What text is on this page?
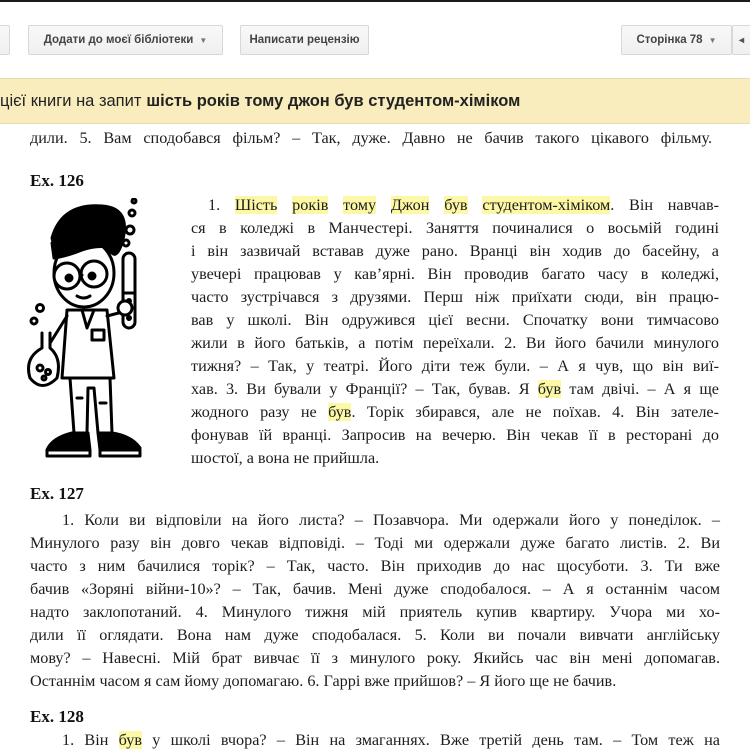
Додати до моєї бібліотеки ▼	Написати рецензію	Сторінка 78 ▼ ◂
цієї книги на запит шість років тому джон був студентом-хіміком
дили. 5. Вам сподобався фільм? – Так, дуже. Давно не бачив такого цікавого фільму.
Ex. 126
1. Шість років тому Джон був студентом-хіміком. Він навчав-
ся в коледжі в Манчестері. Заняття починалися о восьмій годині
і він зазвичай вставав дуже рано. Вранці він ходив до басейну, а
увечері працював у кав’ярні. Він проводив багато часу в коледжі,
часто зустрічався з друзями. Перш ніж приїхати сюди, він працю-
вав у школі. Він одружився цієї весни. Спочатку вони тимчасово
жили в його батьків, а потім переїхали. 2. Ви його бачили минулого
тижня? – Так, у театрі. Його діти теж були. – А я чув, що він виї-
хав. 3. Ви бували у Франції? – Так, бував. Я був там двічі. – А я ще
жодного разу не був. Торік збирався, але не поїхав. 4. Він зателе-
фонував їй вранці. Запросив на вечерю. Він чекав її в ресторані до
шостої, а вона не прийшла.
Ex. 127
1. Коли ви відповіли на його листа? – Позавчора. Ми одержали його у понеділок. –
Минулого разу він довго чекав відповіді. – Тоді ми одержали дуже багато листів. 2. Ви
часто з ним бачилися торік? – Так, часто. Він приходив до нас щосуботи. 3. Ти вже
бачив «Зоряні війни-10»? – Так, бачив. Мені дуже сподобалося. – А я останнім часом
надто заклопотаний. 4. Минулого тижня мій приятель купив квартиру. Учора ми хо-
дили її оглядати. Вона нам дуже сподобалася. 5. Коли ви почали вивчати англійську
мову? – Навесні. Мій брат вивчає її з минулого року. Якийсь час він мені допомагав.
Останнім часом я сам йому допомагаю. 6. Гаррі вже прийшов? – Я його ще не бачив.
Ex. 128
1. Він був у школі вчора? – Він на змаганнях. Вже третій день там. – Том теж на
